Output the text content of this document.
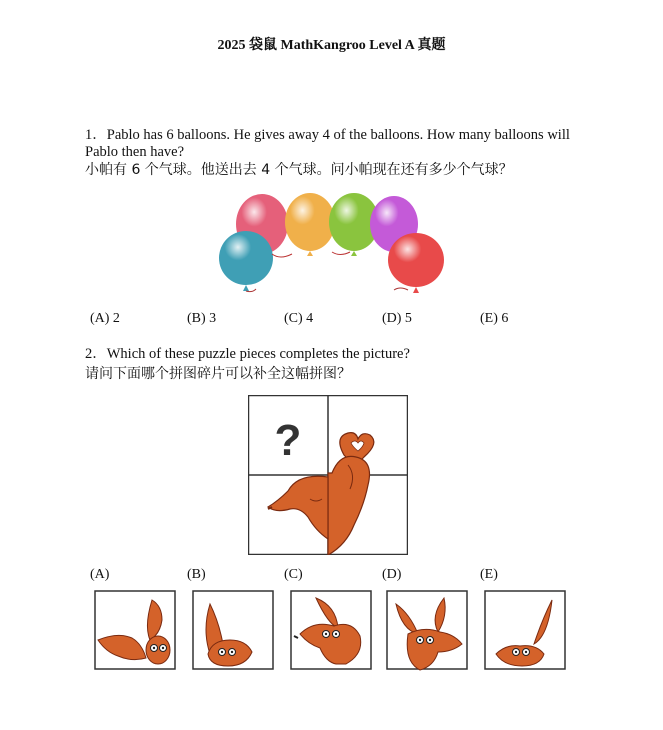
2025 袋鼠 MathKangroo Level A 真题
1．Pablo has 6 balloons. He gives away 4 of the balloons. How many balloons will Pablo then have?
小帕有 6 个气球。他送出去 4 个气球。问小帕现在还有多少个气球？
(A) 2	(B) 3	(C) 4	(D) 5	(E) 6
2．Which of these puzzle pieces completes the picture?
请问下面哪个拼图碎片可以补全这幅拼图？
?
(A)	(B)	(C)	(D)	(E)
